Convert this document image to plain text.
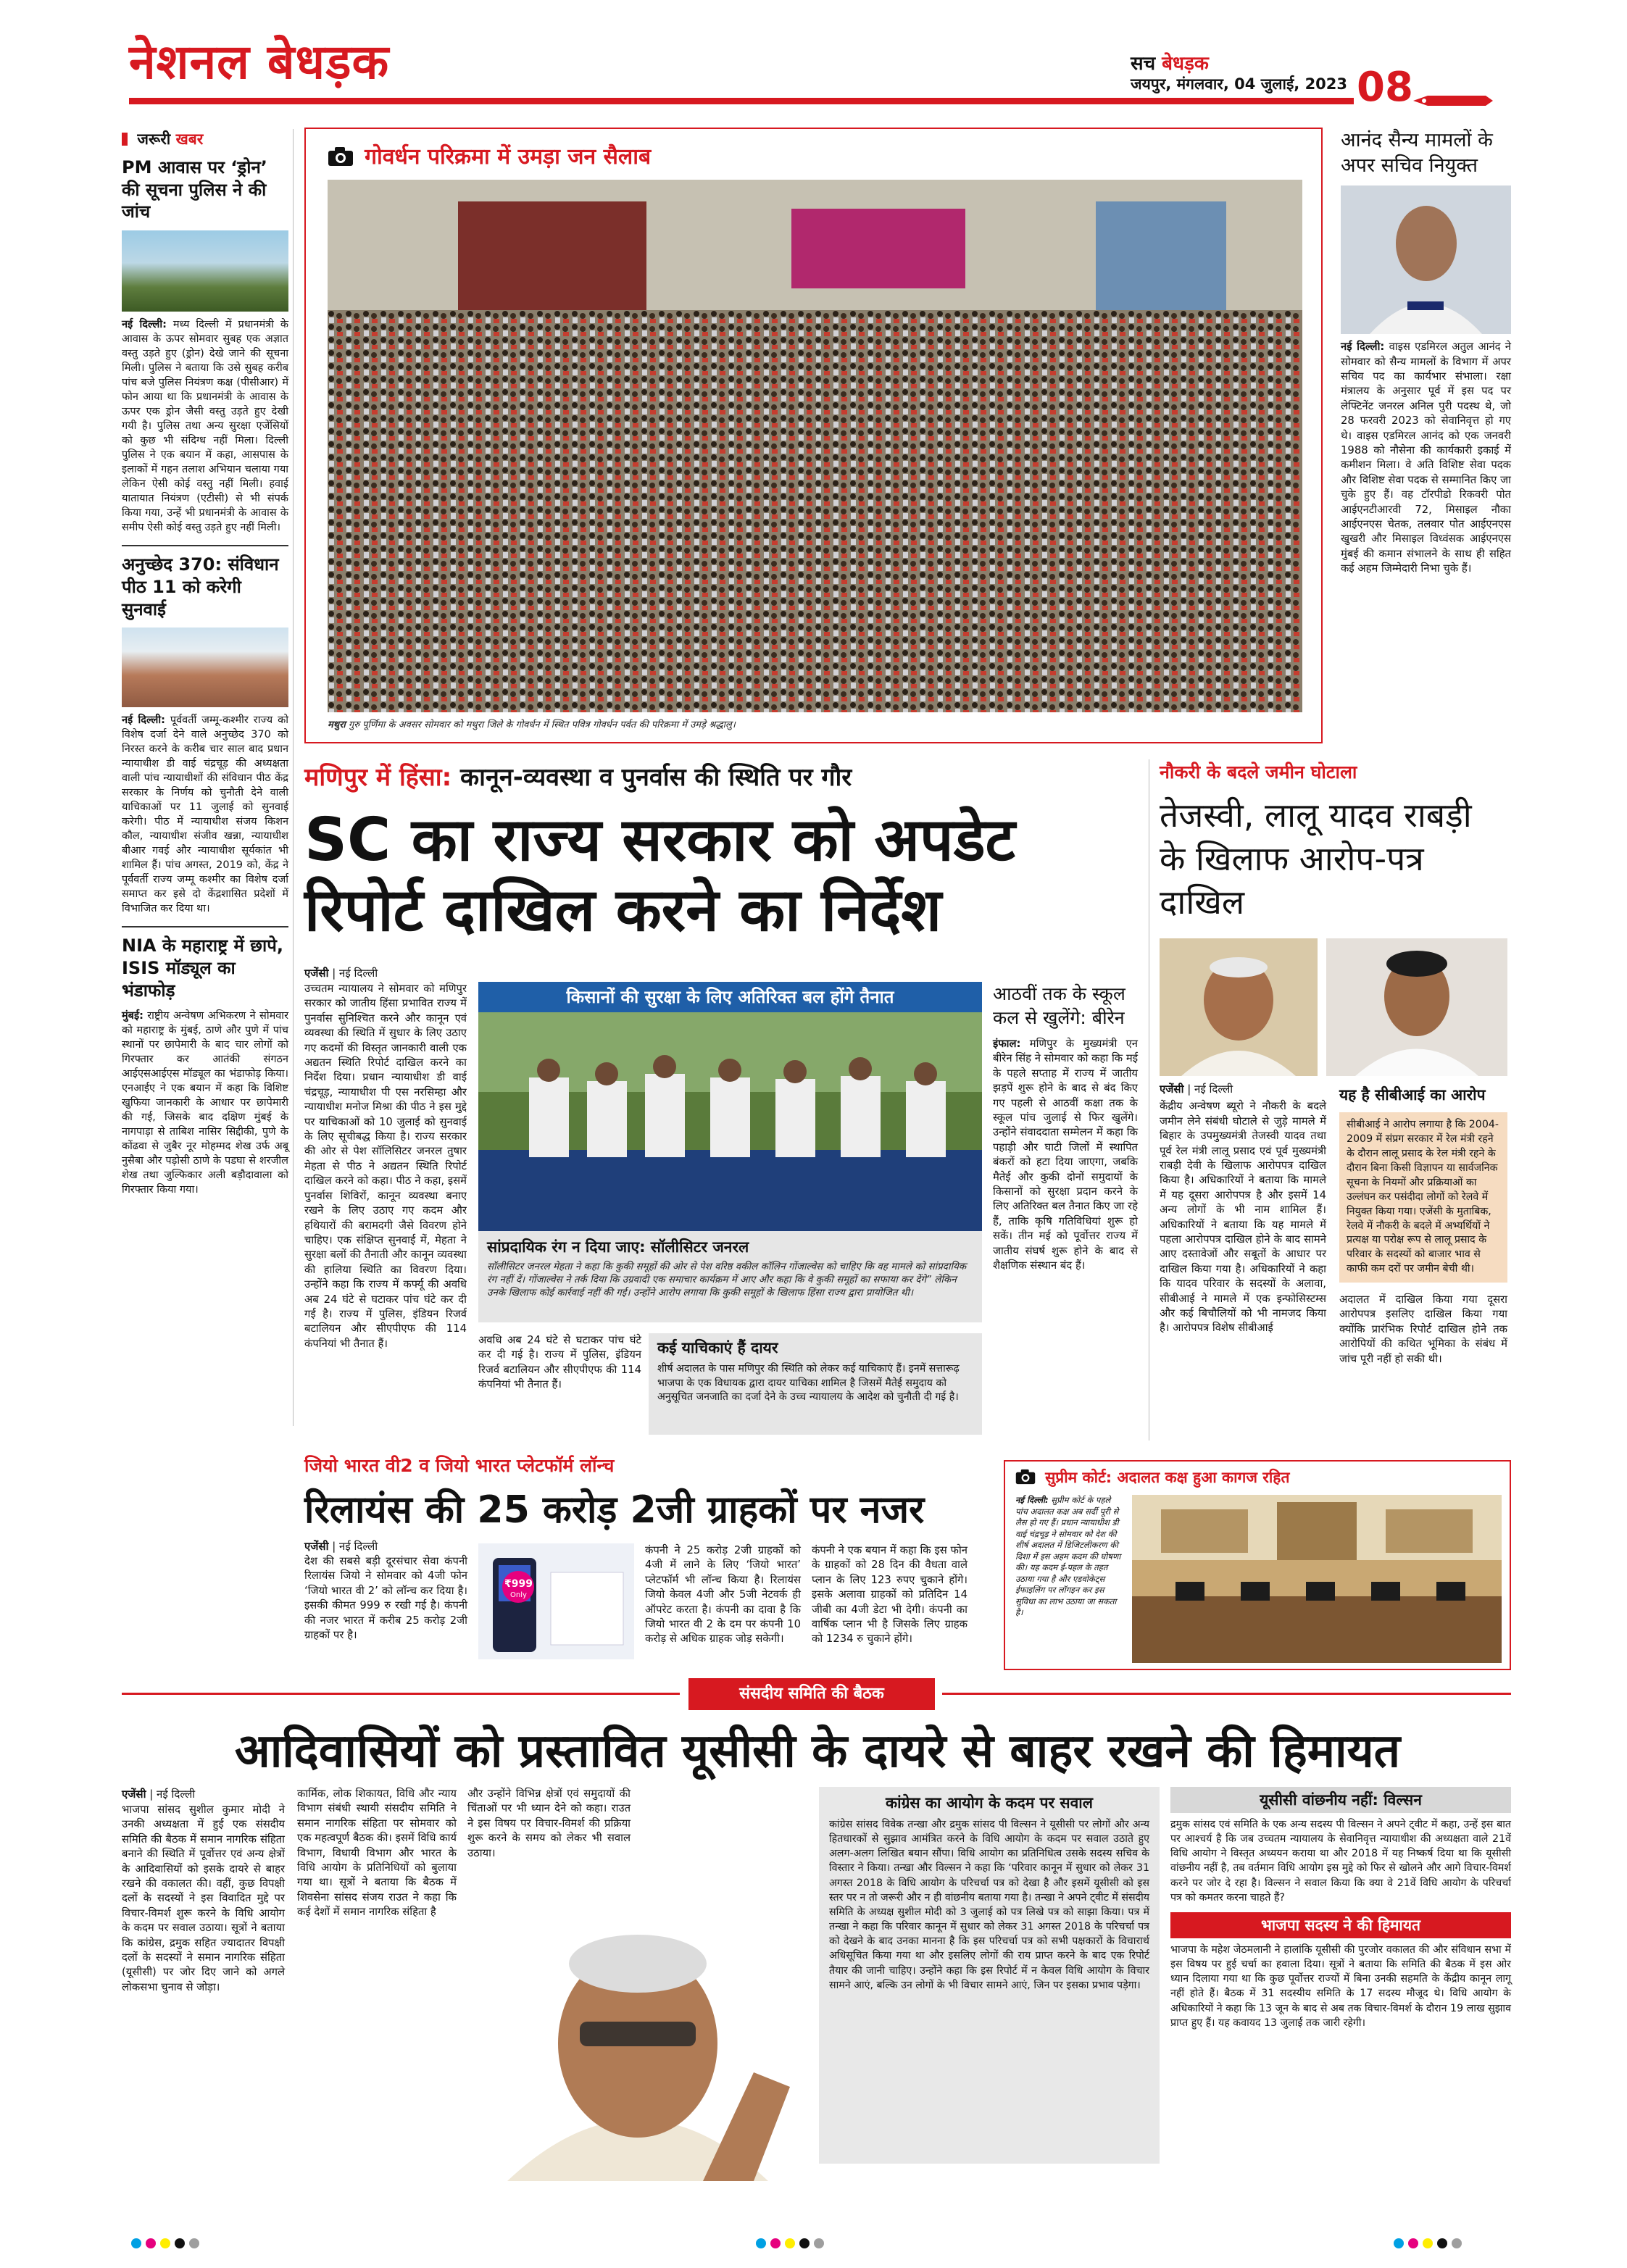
नेशनल बेधड़क	सच बेधड़क
जयपुर, मंगलवार, 04 जुलाई, 2023 08
जरूरी खबर
PM आवास पर ‘ड्रोन’ की सूचना पुलिस ने की जांच
नई दिल्ली: मध्य दिल्ली में प्रधानमंत्री के आवास के ऊपर सोमवार सुबह एक अज्ञात वस्तु उड़ते हुए (ड्रोन) देखे जाने की सूचना मिली। पुलिस ने बताया कि उसे सुबह करीब पांच बजे पुलिस नियंत्रण कक्ष (पीसीआर) में फोन आया था कि प्रधानमंत्री के आवास के ऊपर एक ड्रोन जैसी वस्तु उड़ते हुए देखी गयी है। पुलिस तथा अन्य सुरक्षा एजेंसियों को कुछ भी संदिग्ध नहीं मिला। दिल्ली पुलिस ने एक बयान में कहा, आसपास के इलाकों में गहन तलाश अभियान चलाया गया लेकिन ऐसी कोई वस्तु नहीं मिली। हवाई यातायात नियंत्रण (एटीसी) से भी संपर्क किया गया, उन्हें भी प्रधानमंत्री के आवास के समीप ऐसी कोई वस्तु उड़ते हुए नहीं मिली।
अनुच्छेद 370: संविधान पीठ 11 को करेगी सुनवाई
नई दिल्ली: पूर्ववर्ती जम्मू-कश्मीर राज्य को विशेष दर्जा देने वाले अनुच्छेद 370 को निरस्त करने के करीब चार साल बाद प्रधान न्यायाधीश डी वाई चंद्रचूड़ की अध्यक्षता वाली पांच न्यायाधीशों की संविधान पीठ केंद्र सरकार के निर्णय को चुनौती देने वाली याचिकाओं पर 11 जुलाई को सुनवाई करेगी। पीठ में न्यायाधीश संजय किशन कौल, न्यायाधीश संजीव खन्ना, न्यायाधीश बीआर गवई और न्यायाधीश सूर्यकांत भी शामिल हैं। पांच अगस्त, 2019 को, केंद्र ने पूर्ववर्ती राज्य जम्मू कश्मीर का विशेष दर्जा समाप्त कर इसे दो केंद्रशासित प्रदेशों में विभाजित कर दिया था।
NIA के महाराष्ट्र में छापे, ISIS मॉड्यूल का भंडाफोड़
मुंबई: राष्ट्रीय अन्वेषण अभिकरण ने सोमवार को महाराष्ट्र के मुंबई, ठाणे और पुणे में पांच स्थानों पर छापेमारी के बाद चार लोगों को गिरफ्तार कर आतंकी संगठन आईएसआईएस मॉड्यूल का भंडाफोड़ किया। एनआईए ने एक बयान में कहा कि विशिष्ट खुफिया जानकारी के आधार पर छापेमारी की गई, जिसके बाद दक्षिण मुंबई के नागपाड़ा से ताबिश नासिर सिद्दीकी, पुणे के कोंढवा से जुबैर नूर मोहम्मद शेख उर्फ अबू नुसैबा और पड़ोसी ठाणे के पडघा से शरजील शेख तथा जुल्फिकार अली बड़ौदावाला को गिरफ्तार किया गया।
गोवर्धन परिक्रमा में उमड़ा जन सैलाब
मथुरा गुरु पूर्णिमा के अवसर सोमवार को मथुरा जिले के गोवर्धन में स्थित पवित्र गोवर्धन पर्वत की परिक्रमा में उमड़े श्रद्धालु।
आनंद सैन्य मामलों के अपर सचिव नियुक्त
नई दिल्ली: वाइस एडमिरल अतुल आनंद ने सोमवार को सैन्य मामलों के विभाग में अपर सचिव पद का कार्यभार संभाला। रक्षा मंत्रालय के अनुसार पूर्व में इस पद पर लेफ्टिनेंट जनरल अनिल पुरी पदस्थ थे, जो 28 फरवरी 2023 को सेवानिवृत्त हो गए थे। वाइस एडमिरल आनंद को एक जनवरी 1988 को नौसेना की कार्यकारी इकाई में कमीशन मिला। वे अति विशिष्ट सेवा पदक और विशिष्ट सेवा पदक से सम्मानित किए जा चुके हुए हैं। वह टॉरपीडो रिकवरी पोत आईएनटीआरवी 72, मिसाइल नौका आईएनएस चेतक, तलवार पोत आईएनएस खुखरी और मिसाइल विध्वंसक आईएनएस मुंबई की कमान संभालने के साथ ही सहित कई अहम जिम्मेदारी निभा चुके हैं।
मणिपुर में हिंसा: कानून-व्यवस्था व पुनर्वास की स्थिति पर गौर
SC का राज्य सरकार को अपडेट रिपोर्ट दाखिल करने का निर्देश
एजेंसी | नई दिल्ली
उच्चतम न्यायालय ने सोमवार को मणिपुर सरकार को जातीय हिंसा प्रभावित राज्य में पुनर्वास सुनिश्चित करने और कानून एवं व्यवस्था की स्थिति में सुधार के लिए उठाए गए कदमों की विस्तृत जानकारी वाली एक अद्यतन स्थिति रिपोर्ट दाखिल करने का निर्देश दिया। प्रधान न्यायाधीश डी वाई चंद्रचूड़, न्यायाधीश पी एस नरसिम्हा और न्यायाधीश मनोज मिश्रा की पीठ ने इस मुद्दे पर याचिकाओं को 10 जुलाई को सुनवाई के लिए सूचीबद्ध किया है। राज्य सरकार की ओर से पेश सॉलिसिटर जनरल तुषार मेहता से पीठ ने अद्यतन स्थिति रिपोर्ट दाखिल करने को कहा। पीठ ने कहा, इसमें पुनर्वास शिविरों, कानून व्यवस्था बनाए रखने के लिए उठाए गए कदम और हथियारों की बरामदगी जैसे विवरण होने चाहिए। एक संक्षिप्त सुनवाई में, मेहता ने सुरक्षा बलों की तैनाती और कानून व्यवस्था की हालिया स्थिति का विवरण दिया। उन्होंने कहा कि राज्य में कर्फ्यू की अवधि अब 24 घंटे से घटाकर पांच घंटे कर दी गई है। राज्य में पुलिस, इंडियन रिजर्व बटालियन और सीएपीएफ की 114 कंपनियां भी तैनात हैं।	अवधि अब 24 घंटे से घटाकर पांच घंटे कर दी गई है। राज्य में पुलिस, इंडियन रिजर्व बटालियन और सीएपीएफ की 114 कंपनियां भी तैनात हैं।
किसानों की सुरक्षा के लिए अतिरिक्त बल होंगे तैनात
सांप्रदायिक रंग न दिया जाए: सॉलीसिटर जनरल
सॉलीसिटर जनरल मेहता ने कहा कि कुकी समूहों की ओर से पेश वरिष्ठ वकील कॉलिन गोंजाल्वेस को चाहिए कि वह मामले को सांप्रदायिक रंग नहीं दें। गोंजाल्वेस ने तर्क दिया कि उग्रवादी एक समाचार कार्यक्रम में आए और कहा कि वे कुकी समूहों का सफाया कर देंगे” लेकिन उनके खिलाफ कोई कार्रवाई नहीं की गई। उन्होंने आरोप लगाया कि कुकी समूहों के खिलाफ हिंसा राज्य द्वारा प्रायोजित थी।
आठवीं तक के स्कूल कल से खुलेंगे: बीरेन
इंफाल: मणिपुर के मुख्यमंत्री एन बीरेन सिंह ने सोमवार को कहा कि मई के पहले सप्ताह में राज्य में जातीय झड़पें शुरू होने के बाद से बंद किए गए पहली से आठवीं कक्षा तक के स्कूल पांच जुलाई से फिर खुलेंगे। उन्होंने संवाददाता सम्मेलन में कहा कि पहाड़ी और घाटी जिलों में स्थापित बंकरों को हटा दिया जाएगा, जबकि मैतेई और कुकी दोनों समुदायों के किसानों को सुरक्षा प्रदान करने के लिए अतिरिक्त बल तैनात किए जा रहे हैं, ताकि कृषि गतिविधियां शुरू हो सकें। तीन मई को पूर्वोत्तर राज्य में जातीय संघर्ष शुरू होने के बाद से शैक्षणिक संस्थान बंद हैं।
कई याचिकाएं हैं दायर
शीर्ष अदालत के पास मणिपुर की स्थिति को लेकर कई याचिकाएं हैं। इनमें सत्तारूढ़ भाजपा के एक विधायक द्वारा दायर याचिका शामिल है जिसमें मैतेई समुदाय को अनुसूचित जनजाति का दर्जा देने के उच्च न्यायालय के आदेश को चुनौती दी गई है।
नौकरी के बदले जमीन घोटाला
तेजस्वी, लालू यादव राबड़ी के खिलाफ आरोप-पत्र दाखिल
एजेंसी | नई दिल्ली
केंद्रीय अन्वेषण ब्यूरो ने नौकरी के बदले जमीन लेने संबंधी घोटाले से जुड़े मामले में बिहार के उपमुख्यमंत्री तेजस्वी यादव तथा पूर्व रेल मंत्री लालू प्रसाद एवं पूर्व मुख्यमंत्री राबड़ी देवी के खिलाफ आरोपपत्र दाखिल किया है। अधिकारियों ने बताया कि मामले में यह दूसरा आरोपपत्र है और इसमें 14 अन्य लोगों के भी नाम शामिल हैं। अधिकारियों ने बताया कि यह मामले में पहला आरोपपत्र दाखिल होने के बाद सामने आए दस्तावेजों और सबूतों के आधार पर दाखिल किया गया है। अधिकारियों ने कहा कि यादव परिवार के सदस्यों के अलावा, सीबीआई ने मामले में एक इन्फोसिस्टम्स और कई बिचौलियों को भी नामजद किया है। आरोपपत्र विशेष सीबीआई
यह है सीबीआई का आरोप
सीबीआई ने आरोप लगाया है कि 2004-2009 में संप्रग सरकार में रेल मंत्री रहने के दौरान लालू प्रसाद के रेल मंत्री रहने के दौरान बिना किसी विज्ञापन या सार्वजनिक सूचना के नियमों और प्रक्रियाओं का उल्लंघन कर पसंदीदा लोगों को रेलवे में नियुक्त किया गया। एजेंसी के मुताबिक, रेलवे में नौकरी के बदले में अभ्यर्थियों ने प्रत्यक्ष या परोक्ष रूप से लालू प्रसाद के परिवार के सदस्यों को बाजार भाव से काफी कम दरों पर जमीन बेची थी।
अदालत में दाखिल किया गया दूसरा आरोपपत्र इसलिए दाखिल किया गया क्योंकि प्रारंभिक रिपोर्ट दाखिल होने तक आरोपियों की कथित भूमिका के संबंध में जांच पूरी नहीं हो सकी थी।
जियो भारत वी2 व जियो भारत प्लेटफॉर्म लॉन्च
रिलायंस की 25 करोड़ 2जी ग्राहकों पर नजर
एजेंसी | नई दिल्ली
देश की सबसे बड़ी दूरसंचार सेवा कंपनी रिलायंस जियो ने सोमवार को 4जी फोन ‘जियो भारत वी 2’ को लॉन्च कर दिया है। इसकी कीमत 999 रु रखी गई है। कंपनी की नजर भारत में करीब 25 करोड़ 2जी ग्राहकों पर है।
₹999
Only
कंपनी ने 25 करोड़ 2जी ग्राहकों को 4जी में लाने के लिए ‘जियो भारत’ प्लेटफॉर्म भी लॉन्च किया है। रिलायंस जियो केवल 4जी और 5जी नेटवर्क ही ऑपरेट करता है। कंपनी का दावा है कि जियो भारत वी 2 के दम पर कंपनी 10 करोड़ से अधिक ग्राहक जोड़ सकेगी।
कंपनी ने एक बयान में कहा कि इस फोन के ग्राहकों को 28 दिन की वैधता वाले प्लान के लिए 123 रुपए चुकाने होंगे। इसके अलावा ग्राहकों को प्रतिदिन 14 जीबी का 4जी डेटा भी देगी। कंपनी का वार्षिक प्लान भी है जिसके लिए ग्राहक को 1234 रु चुकाने होंगे।
सुप्रीम कोर्ट: अदालत कक्ष हुआ कागज रहित
नई दिल्ली: सुप्रीम कोर्ट के पहले पांच अदालत कक्ष अब सर्दी पूरी से लैस हो गए हैं। प्रधान न्यायाधीश डी वाई चंद्रचूड़ ने सोमवार को देश की शीर्ष अदालत में डिजिटलीकरण की दिशा में इस अहम कदम की घोषणा की। यह कदम ई-पहल के तहत उठाया गया है और एडवोकेट्स ईफाइलिंग पर लॉगइन कर इस सुविधा का लाभ उठाया जा सकता है।
संसदीय समिति की बैठक
आदिवासियों को प्रस्तावित यूसीसी के दायरे से बाहर रखने की हिमायत
एजेंसी | नई दिल्ली
भाजपा सांसद सुशील कुमार मोदी ने उनकी अध्यक्षता में हुई एक संसदीय समिति की बैठक में समान नागरिक संहिता बनाने की स्थिति में पूर्वोत्तर एवं अन्य क्षेत्रों के आदिवासियों को इसके दायरे से बाहर रखने की वकालत की। वहीं, कुछ विपक्षी दलों के सदस्यों ने इस विवादित मुद्दे पर विचार-विमर्श शुरू करने के विधि आयोग के कदम पर सवाल उठाया। सूत्रों ने बताया कि कांग्रेस, द्रमुक सहित ज्यादातर विपक्षी दलों के सदस्यों ने समान नागरिक संहिता (यूसीसी) पर जोर दिए जाने को अगले लोकसभा चुनाव से जोड़ा।
कार्मिक, लोक शिकायत, विधि और न्याय विभाग संबंधी स्थायी संसदीय समिति ने समान नागरिक संहिता पर सोमवार को एक महत्वपूर्ण बैठक की। इसमें विधि कार्य विभाग, विधायी विभाग और भारत के विधि आयोग के प्रतिनिधियों को बुलाया गया था। सूत्रों ने बताया कि बैठक में शिवसेना सांसद संजय राउत ने कहा कि कई देशों में समान नागरिक संहिता है
और उन्होंने विभिन्न क्षेत्रों एवं समुदायों की चिंताओं पर भी ध्यान देने को कहा। राउत ने इस विषय पर विचार-विमर्श की प्रक्रिया शुरू करने के समय को लेकर भी सवाल उठाया।
कांग्रेस का आयोग के कदम पर सवाल
कांग्रेस सांसद विवेक तन्खा और द्रमुक सांसद पी विल्सन ने यूसीसी पर लोगों और अन्य हितधारकों से सुझाव आमंत्रित करने के विधि आयोग के कदम पर सवाल उठाते हुए अलग-अलग लिखित बयान सौंपा। विधि आयोग का प्रतिनिधित्व उसके सदस्य सचिव के विस्तार ने किया। तन्खा और विल्सन ने कहा कि ‘परिवार कानून में सुधार को लेकर 31 अगस्त 2018 के विधि आयोग के परिचर्चा पत्र को देखा है और इसमें यूसीसी को इस स्तर पर न तो जरूरी और न ही वांछनीय बताया गया है। तन्खा ने अपने ट्वीट में संसदीय समिति के अध्यक्ष सुशील मोदी को 3 जुलाई को पत्र लिखे पत्र को साझा किया। पत्र में तन्खा ने कहा कि परिवार कानून में सुधार को लेकर 31 अगस्त 2018 के परिचर्चा पत्र को देखने के बाद उनका मानना है कि इस परिचर्चा पत्र को सभी पक्षकारों के विचारार्थ अधिसूचित किया गया था और इसलिए लोगों की राय प्राप्त करने के बाद एक रिपोर्ट तैयार की जानी चाहिए। उन्होंने कहा कि इस रिपोर्ट में न केवल विधि आयोग के विचार सामने आएं, बल्कि उन लोगों के भी विचार सामने आएं, जिन पर इसका प्रभाव पड़ेगा।
यूसीसी वांछनीय नहीं: विल्सन
द्रमुक सांसद एवं समिति के एक अन्य सदस्य पी विल्सन ने अपने ट्वीट में कहा, उन्हें इस बात पर आश्चर्य है कि जब उच्चतम न्यायालय के सेवानिवृत्त न्यायाधीश की अध्यक्षता वाले 21वें विधि आयोग ने विस्तृत अध्ययन कराया था और 2018 में यह निष्कर्ष दिया था कि यूसीसी वांछनीय नहीं है, तब वर्तमान विधि आयोग इस मुद्दे को फिर से खोलने और आगे विचार-विमर्श करने पर जोर दे रहा है। विल्सन ने सवाल किया कि क्या वे 21वें विधि आयोग के परिचर्चा पत्र को कमतर करना चाहते हैं?
भाजपा सदस्य ने की हिमायत
भाजपा के महेश जेठमलानी ने हालांकि यूसीसी की पुरजोर वकालत की और संविधान सभा में इस विषय पर हुई चर्चा का हवाला दिया। सूत्रों ने बताया कि समिति की बैठक में इस ओर ध्यान दिलाया गया था कि कुछ पूर्वोत्तर राज्यों में बिना उनकी सहमति के केंद्रीय कानून लागू नहीं होते हैं। बैठक में 31 सदस्यीय समिति के 17 सदस्य मौजूद थे। विधि आयोग के अधिकारियों ने कहा कि 13 जून के बाद से अब तक विचार-विमर्श के दौरान 19 लाख सुझाव प्राप्त हुए हैं। यह कवायद 13 जुलाई तक जारी रहेगी।
